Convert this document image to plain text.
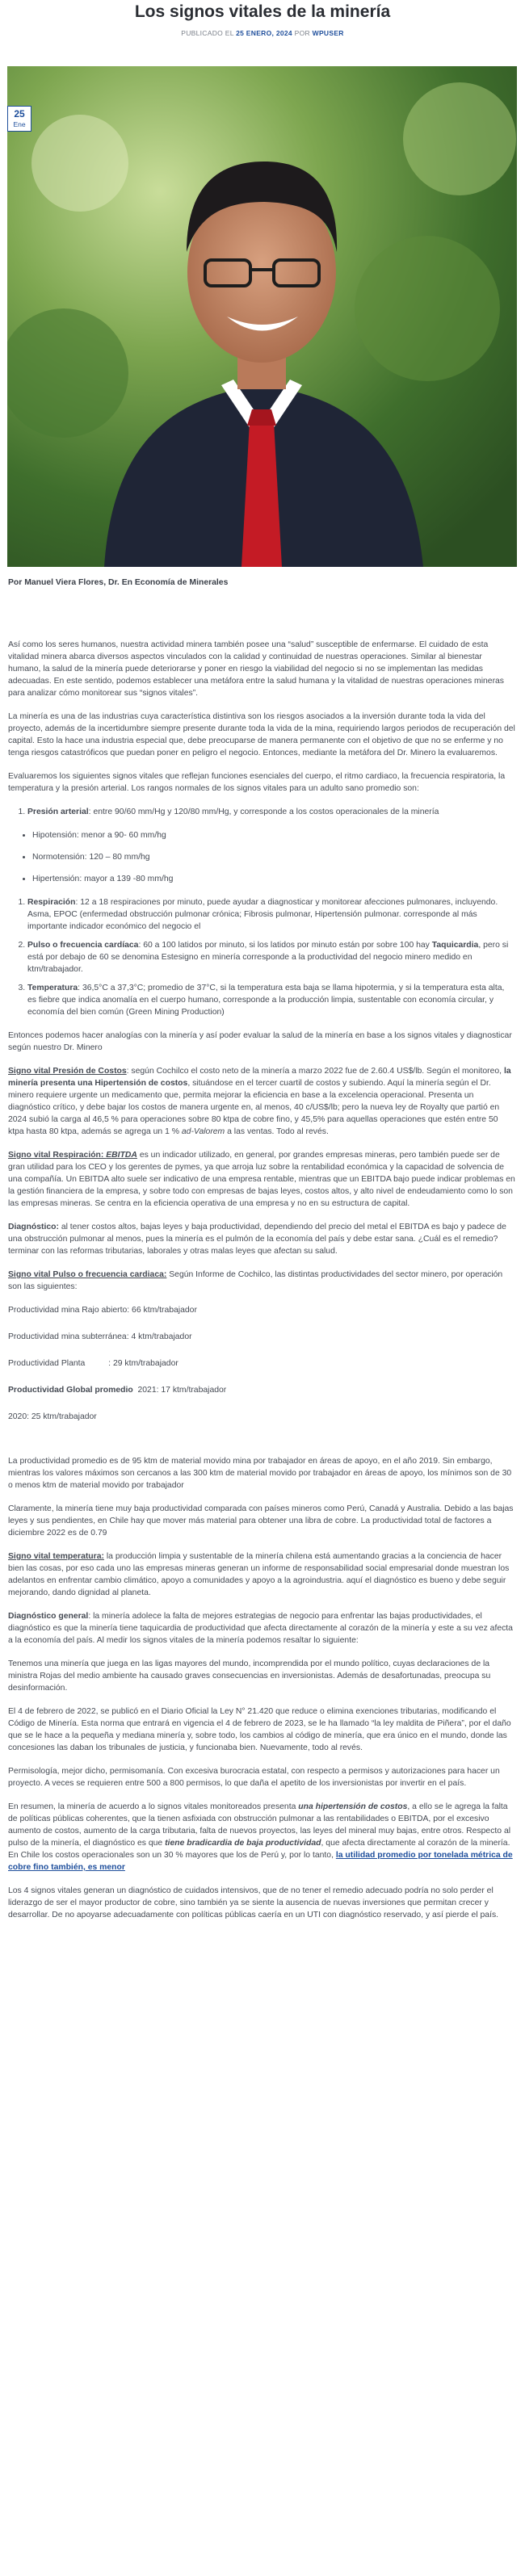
Los signos vitales de la minería
PUBLICADO EL 25 ENERO, 2024 POR WPUSER
25
Ene

Por Manuel Viera Flores, Dr. En Economía de Minerales

Así como los seres humanos, nuestra actividad minera también posee una “salud” susceptible de enfermarse. El cuidado de esta vitalidad minera abarca diversos aspectos vinculados con la calidad y continuidad de nuestras operaciones. Similar al bienestar humano, la salud de la minería puede deteriorarse y poner en riesgo la viabilidad del negocio si no se implementan las medidas adecuadas. En este sentido, podemos establecer una metáfora entre la salud humana y la vitalidad de nuestras operaciones mineras para analizar cómo monitorear sus “signos vitales”.

La minería es una de las industrias cuya característica distintiva son los riesgos asociados a la inversión durante toda la vida del proyecto, además de la incertidumbre siempre presente durante toda la vida de la mina, requiriendo largos periodos de recuperación del capital. Esto la hace una industria especial que, debe preocuparse de manera permanente con el objetivo de que no se enferme y no tenga riesgos catastróficos que puedan poner en peligro el negocio. Entonces, mediante la metáfora del Dr. Minero la evaluaremos.

Evaluaremos los siguientes signos vitales que reflejan funciones esenciales del cuerpo, el ritmo cardiaco, la frecuencia respiratoria, la temperatura y la presión arterial. Los rangos normales de los signos vitales para un adulto sano promedio son:

1. Presión arterial: entre 90/60 mm/Hg y 120/80 mm/Hg, y corresponde a los costos operacionales de la minería
• Hipotensión: menor a 90- 60 mm/hg
• Normotensión: 120 – 80 mm/hg
• Hipertensión: mayor a 139 -80 mm/hg
1. Respiración: 12 a 18 respiraciones por minuto, puede ayudar a diagnosticar y monitorear afecciones pulmonares, incluyendo. Asma, EPOC (enfermedad obstrucción pulmonar crónica; Fibrosis pulmonar, Hipertensión pulmonar. corresponde al más importante indicador económico del negocio el
2. Pulso o frecuencia cardíaca: 60 a 100 latidos por minuto, si los latidos por minuto están por sobre 100 hay Taquicardia, pero si está por debajo de 60 se denomina Estesigno en minería corresponde a la productividad del negocio minero medido en ktm/trabajador.
3. Temperatura: 36,5°C a 37,3°C; promedio de 37°C, si la temperatura esta baja se llama hipotermia, y si la temperatura esta alta, es fiebre que indica anomalía en el cuerpo humano, corresponde a la producción limpia, sustentable con economía circular, y economía del bien común (Green Mining Production)

Entonces podemos hacer analogías con la minería y así poder evaluar la salud de la minería en base a los signos vitales y diagnosticar según nuestro Dr. Minero

Signo vital Presión de Costos: según Cochilco el costo neto de la minería a marzo 2022 fue de 2.60.4 US$/lb. Según el monitoreo, la minería presenta una Hipertensión de costos, situándose en el tercer cuartil de costos y subiendo. Aquí la minería según el Dr. minero requiere urgente un medicamento que, permita mejorar la eficiencia en base a la excelencia operacional. Presenta un diagnóstico crítico, y debe bajar los costos de manera urgente en, al menos, 40 c/US$/lb; pero la nueva ley de Royalty que partió en 2024 subió la carga al 46,5 % para operaciones sobre 80 ktpa de cobre fino, y 45,5% para aquellas operaciones que estén entre 50 ktpa hasta 80 ktpa, además se agrega un 1 % ad-Valorem a las ventas. Todo al revés.

Signo vital Respiración: EBITDA es un indicador utilizado, en general, por grandes empresas mineras, pero también puede ser de gran utilidad para los CEO y los gerentes de pymes, ya que arroja luz sobre la rentabilidad económica y la capacidad de solvencia de una compañía. Un EBITDA alto suele ser indicativo de una empresa rentable, mientras que un EBITDA bajo puede indicar problemas en la gestión financiera de la empresa, y sobre todo con empresas de bajas leyes, costos altos, y alto nivel de endeudamiento como lo son las empresas mineras. Se centra en la eficiencia operativa de una empresa y no en su estructura de capital.

Diagnóstico: al tener costos altos, bajas leyes y baja productividad, dependiendo del precio del metal el EBITDA es bajo y padece de una obstrucción pulmonar al menos, pues la minería es el pulmón de la economía del país y debe estar sana. ¿Cuál es el remedio? terminar con las reformas tributarias, laborales y otras malas leyes que afectan su salud.

Signo vital Pulso o frecuencia cardiaca: Según Informe de Cochilco, las distintas productividades del sector minero, por operación son las siguientes:

Productividad mina Rajo abierto: 66 ktm/trabajador

Productividad mina subterránea: 4 ktm/trabajador

Productividad Planta          : 29 ktm/trabajador

Productividad Global promedio  2021: 17 ktm/trabajador

2020: 25 ktm/trabajador

La productividad promedio es de 95 ktm de material movido mina por trabajador en áreas de apoyo, en el año 2019. Sin embargo, mientras los valores máximos son cercanos a las 300 ktm de material movido por trabajador en áreas de apoyo, los mínimos son de 30 o menos ktm de material movido por trabajador

Claramente, la minería tiene muy baja productividad comparada con países mineros como Perú, Canadá y Australia. Debido a las bajas leyes y sus pendientes, en Chile hay que mover más material para obtener una libra de cobre. La productividad total de factores a diciembre 2022 es de 0.79

Signo vital temperatura: la producción limpia y sustentable de la minería chilena está aumentando gracias a la conciencia de hacer bien las cosas, por eso cada uno las empresas mineras generan un informe de responsabilidad social empresarial donde muestran los adelantos en enfrentar cambio climático, apoyo a comunidades y apoyo a la agroindustria. aquí el diagnóstico es bueno y debe seguir mejorando, dando dignidad al planeta.

Diagnóstico general: la minería adolece la falta de mejores estrategias de negocio para enfrentar las bajas productividades, el diagnóstico es que la minería tiene taquicardia de productividad que afecta directamente al corazón de la minería y este a su vez afecta a la economía del país. Al medir los signos vitales de la minería podemos resaltar lo siguiente:

Tenemos una minería que juega en las ligas mayores del mundo, incomprendida por el mundo político, cuyas declaraciones de la ministra Rojas del medio ambiente ha causado graves consecuencias en inversionistas. Además de desafortunadas, preocupa su desinformación.

El 4 de febrero de 2022, se publicó en el Diario Oficial la Ley N° 21.420 que reduce o elimina exenciones tributarias, modificando el Código de Minería. Esta norma que entrará en vigencia el 4 de febrero de 2023, se le ha llamado “la ley maldita de Piñera”, por el daño que se le hace a la pequeña y mediana minería y, sobre todo, los cambios al código de minería, que era único en el mundo, donde las concesiones las daban los tribunales de justicia, y funcionaba bien. Nuevamente, todo al revés.

Permisología, mejor dicho, permisomanía. Con excesiva burocracia estatal, con respecto a permisos y autorizaciones para hacer un proyecto. A veces se requieren entre 500 a 800 permisos, lo que daña el apetito de los inversionistas por invertir en el país.

En resumen, la minería de acuerdo a lo signos vitales monitoreados presenta una hipertensión de costos, a ello se le agrega la falta de políticas públicas coherentes, que la tienen asfixiada con obstrucción pulmonar a las rentabilidades o EBITDA, por el excesivo aumento de costos, aumento de la carga tributaria, falta de nuevos proyectos, las leyes del mineral muy bajas, entre otros. Respecto al pulso de la minería, el diagnóstico es que tiene bradicardia de baja productividad, que afecta directamente al corazón de la minería. En Chile los costos operacionales son un 30 % mayores que los de Perú y, por lo tanto, la utilidad promedio por tonelada métrica de cobre fino también, es menor

Los 4 signos vitales generan un diagnóstico de cuidados intensivos, que de no tener el remedio adecuado podría no solo perder el liderazgo de ser el mayor productor de cobre, sino también ya se siente la ausencia de nuevas inversiones que permitan crecer y desarrollar. De no apoyarse adecuadamente con políticas públicas caería en un UTI con diagnóstico reservado, y así pierde el país.
